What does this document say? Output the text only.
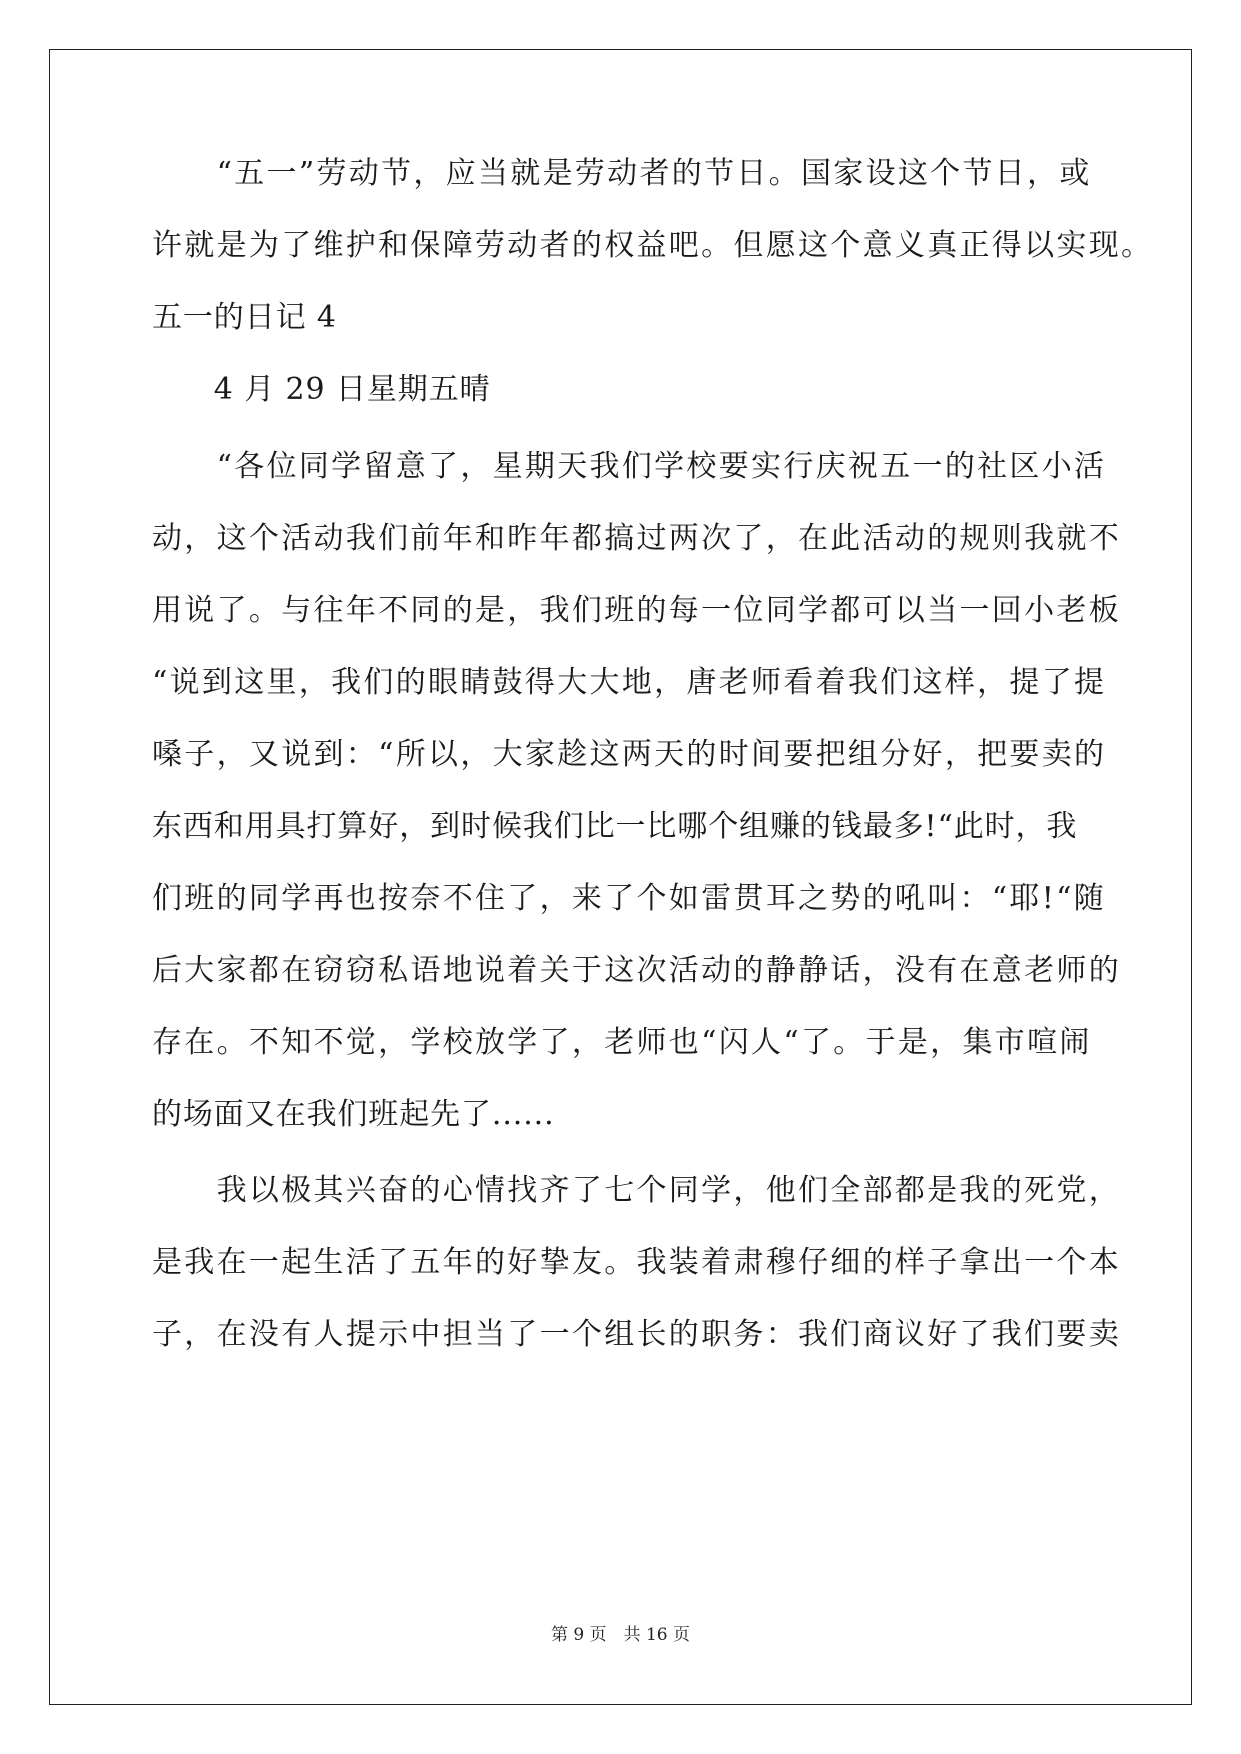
　　“五一”劳动节，应当就是劳动者的节日。国家设这个节日，或

许就是为了维护和保障劳动者的权益吧。但愿这个意义真正得以实现。

五一的日记 4

　　4 月 29 日星期五晴

　　“各位同学留意了，星期天我们学校要实行庆祝五一的社区小活

动，这个活动我们前年和昨年都搞过两次了，在此活动的规则我就不

用说了。与往年不同的是，我们班的每一位同学都可以当一回小老板

“说到这里，我们的眼睛鼓得大大地，唐老师看着我们这样，提了提

嗓子，又说到：“所以，大家趁这两天的时间要把组分好，把要卖的

东西和用具打算好，到时候我们比一比哪个组赚的钱最多!“此时，我

们班的同学再也按奈不住了，来了个如雷贯耳之势的吼叫：“耶!“随

后大家都在窃窃私语地说着关于这次活动的静静话，没有在意老师的

存在。不知不觉，学校放学了，老师也“闪人“了。于是，集市喧闹

的场面又在我们班起先了......

　　我以极其兴奋的心情找齐了七个同学，他们全部都是我的死党，

是我在一起生活了五年的好挚友。我装着肃穆仔细的样子拿出一个本

子，在没有人提示中担当了一个组长的职务：我们商议好了我们要卖

第 9 页　共 16 页
